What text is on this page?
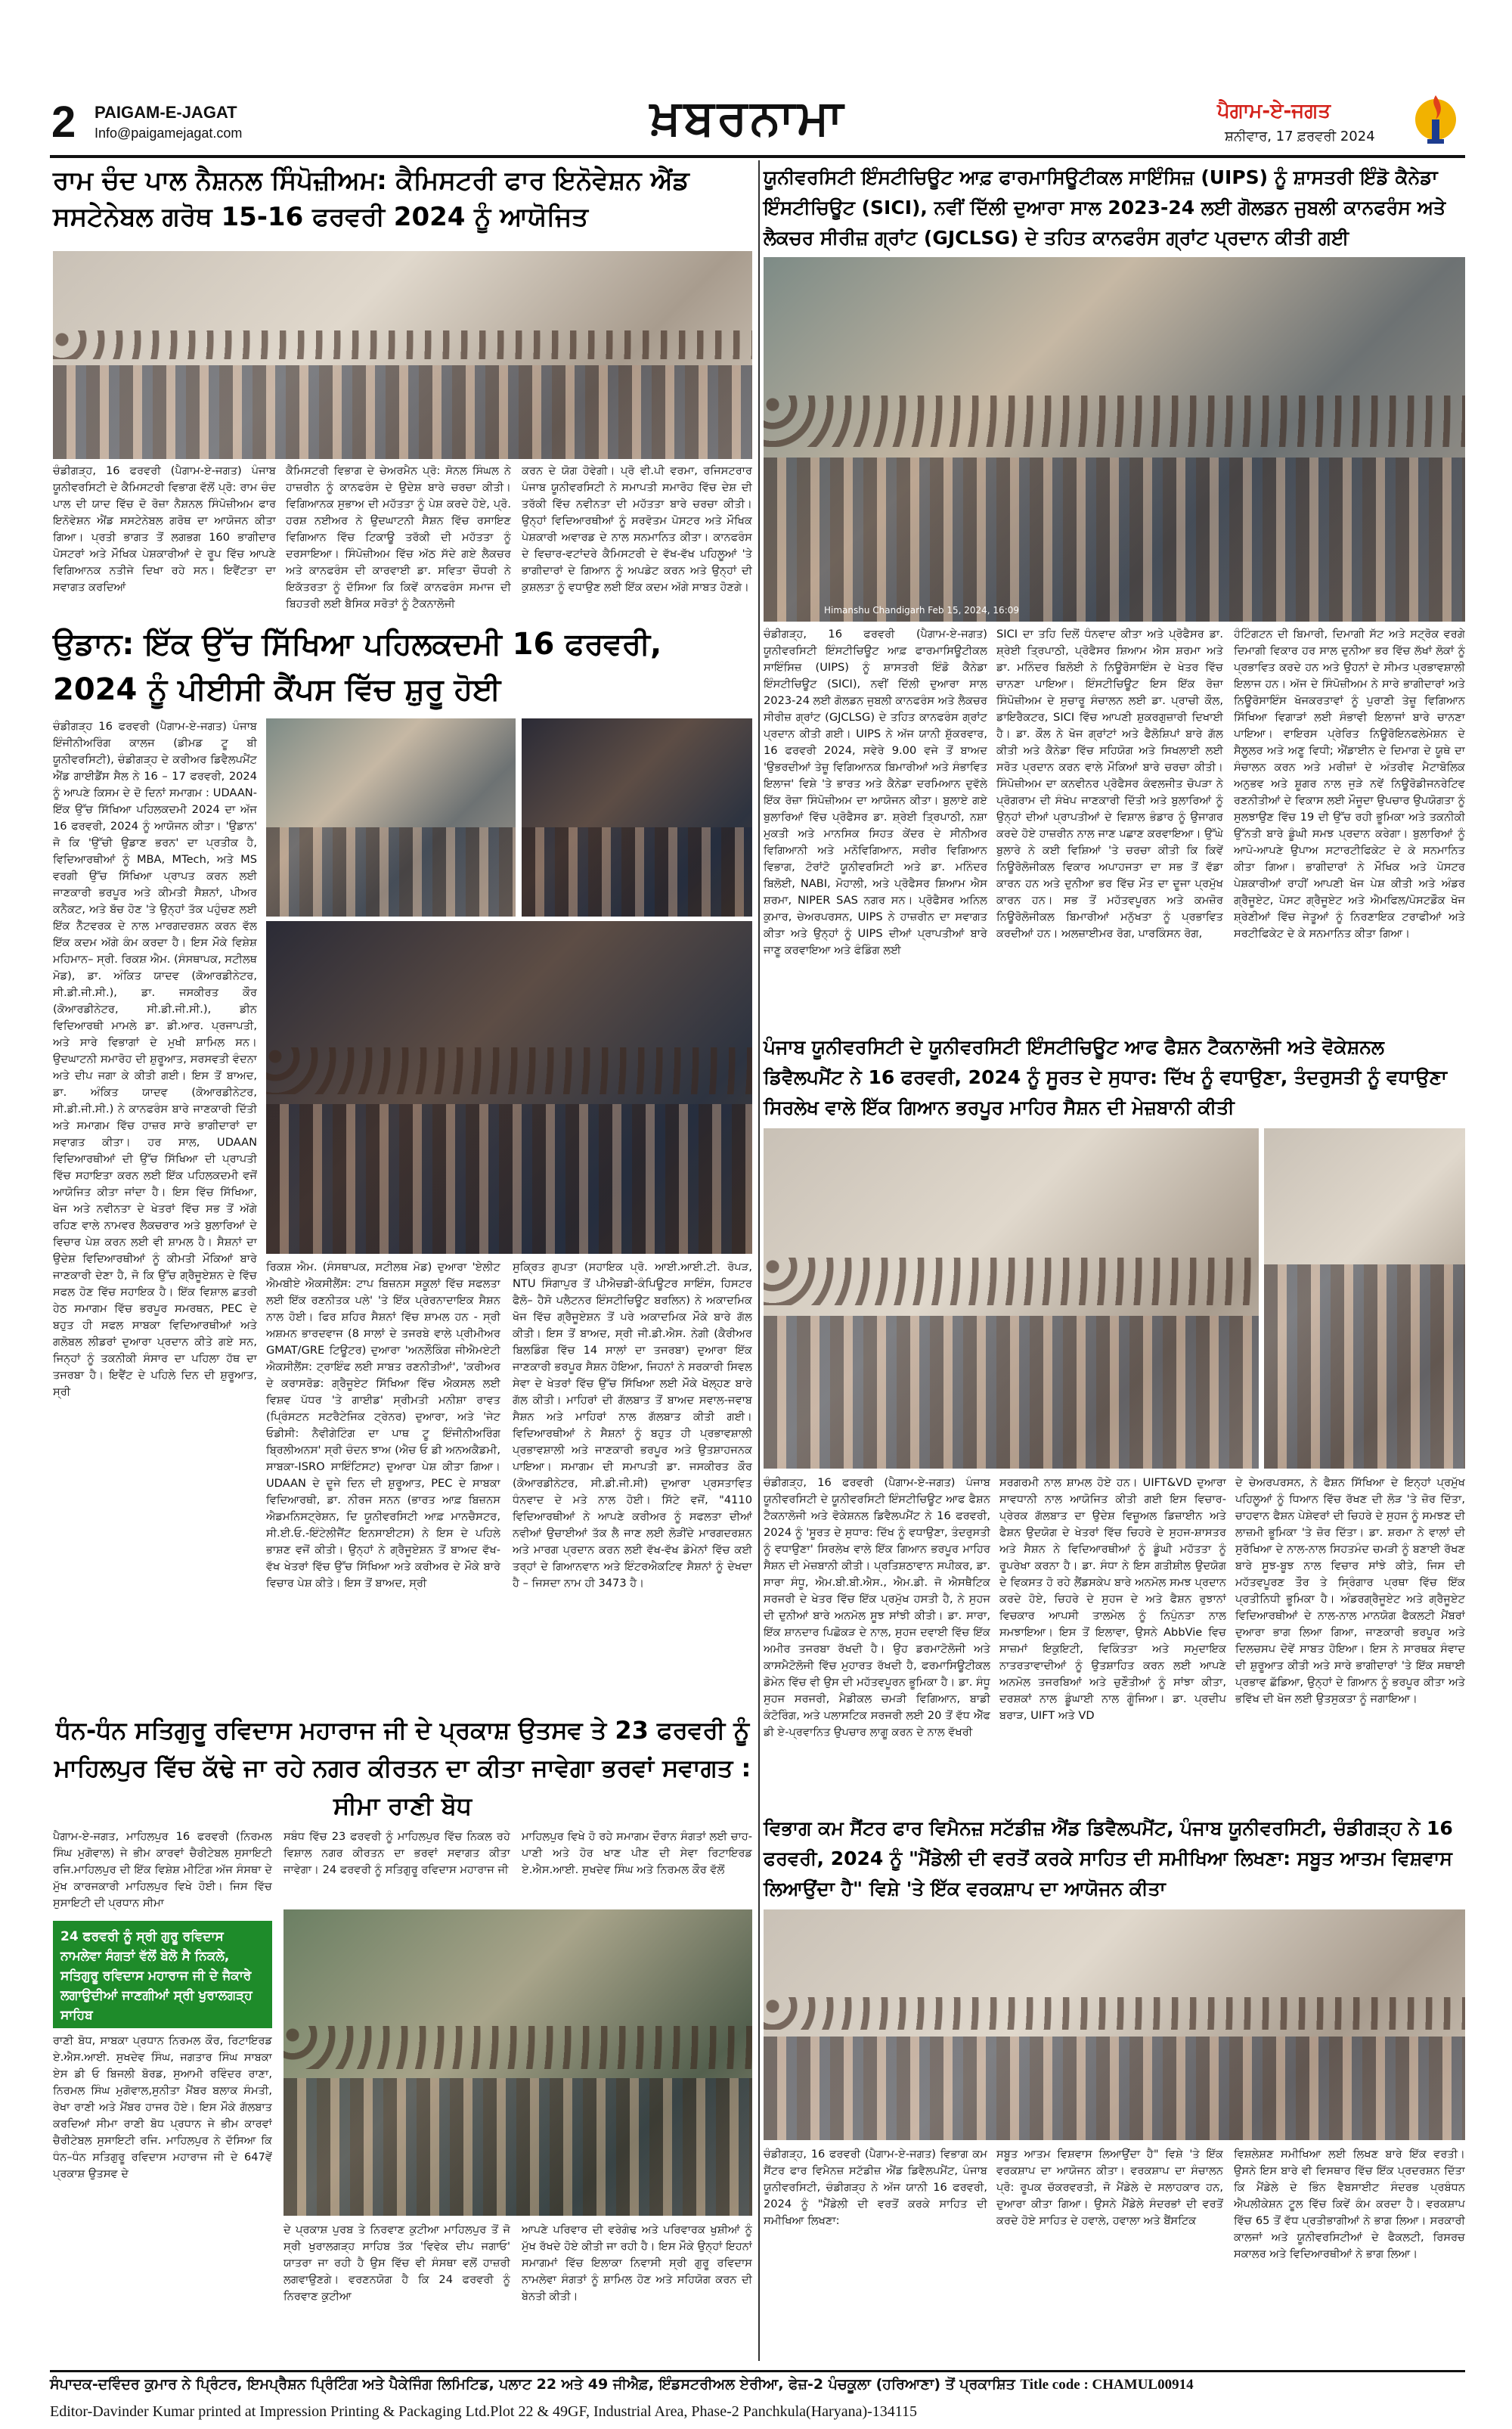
2 PAIGAM-E-JAGAT
Info@paigamejagat.com	ਖ਼ਬਰਨਾਮਾ	ਪੈਗਾਮ-ਏ-ਜਗਤ
ਸ਼ਨੀਵਾਰ, 17 ਫ਼ਰਵਰੀ 2024
ਰਾਮ ਚੰਦ ਪਾਲ ਨੈਸ਼ਨਲ ਸਿੰਪੋਜ਼ੀਅਮ: ਕੈਮਿਸਟਰੀ ਫਾਰ ਇਨੋਵੇਸ਼ਨ ਐਂਡ ਸਸਟੇਨੇਬਲ ਗਰੋਥ 15-16 ਫਰਵਰੀ 2024 ਨੂੰ ਆਯੋਜਿਤ
ਚੰਡੀਗੜ੍ਹ, 16 ਫਰਵਰੀ (ਪੈਗਾਮ-ਏ-ਜਗਤ) ਪੰਜਾਬ ਯੂਨੀਵਰਸਿਟੀ ਦੇ ਕੈਮਿਸਟਰੀ ਵਿਭਾਗ ਵੱਲੋਂ ਪ੍ਰੋ: ਰਾਮ ਚੰਦ ਪਾਲ ਦੀ ਯਾਦ ਵਿੱਚ ਦੋ ਰੋਜ਼ਾ ਨੈਸ਼ਨਲ ਸਿੰਪੋਜ਼ੀਅਮ ਫਾਰ ਇਨੋਵੇਸ਼ਨ ਐਂਡ ਸਸਟੇਨੇਬਲ ਗਰੋਥ ਦਾ ਆਯੋਜਨ ਕੀਤਾ ਗਿਆ। ਪ੍ਰਤੀ ਭਾਗਤ ਤੋਂ ਲਗਭਗ 160 ਭਾਗੀਦਾਰ ਪੋਸਟਰਾਂ ਅਤੇ ਮੌਖਿਕ ਪੇਸ਼ਕਾਰੀਆਂ ਦੇ ਰੂਪ ਵਿੱਚ ਆਪਣੇ ਵਿਗਿਆਨਕ ਨਤੀਜੇ ਦਿਖਾ ਰਹੇ ਸਨ। ਇਵੈਂਟਤਾ ਦਾ ਸਵਾਗਤ ਕਰਦਿਆਂ
ਕੈਮਿਸਟਰੀ ਵਿਭਾਗ ਦੇ ਚੇਅਰਮੈਨ ਪ੍ਰੋ: ਸੋਨਲ ਸਿੰਘਲ ਨੇ ਹਾਜ਼ਰੀਨ ਨੂੰ ਕਾਨਫਰੰਸ ਦੇ ਉਦੇਸ਼ ਬਾਰੇ ਚਰਚਾ ਕੀਤੀ। ਵਿਗਿਆਨਕ ਸੁਭਾਅ ਦੀ ਮਹੱਤਤਾ ਨੂੰ ਪੇਸ਼ ਕਰਦੇ ਹੋਏ, ਪ੍ਰੋ. ਹਰਸ਼ ਨਈਅਰ ਨੇ ਉਦਘਾਟਨੀ ਸੈਸ਼ਨ ਵਿੱਚ ਰਸਾਇਣ ਵਿਗਿਆਨ ਵਿੱਚ ਟਿਕਾਊ ਤਰੱਕੀ ਦੀ ਮਹੱਤਤਾ ਨੂੰ ਦਰਸਾਇਆ। ਸਿੰਪੋਜ਼ੀਅਮ ਵਿੱਚ ਅੱਠ ਸੱਦੇ ਗਏ ਲੈਕਚਰ ਅਤੇ ਕਾਨਫਰੰਸ ਦੀ ਕਾਰਵਾਈ ਡਾ. ਸਵਿਤਾ ਚੌਧਰੀ ਨੇ ਇਕੱਤਰਤਾ ਨੂੰ ਦੱਸਿਆ ਕਿ ਕਿਵੇਂ ਕਾਨਫਰੰਸ ਸਮਾਜ ਦੀ ਬਿਹਤਰੀ ਲਈ ਬੈਸਿਕ ਸਰੋਤਾਂ ਨੂੰ ਟੈਕਨਾਲੋਜੀ
ਕਰਨ ਦੇ ਯੋਗ ਹੋਵੇਗੀ। ਪ੍ਰੋ ਵੀ.ਪੀ ਵਰਮਾ, ਰਜਿਸਟਰਾਰ ਪੰਜਾਬ ਯੂਨੀਵਰਸਿਟੀ ਨੇ ਸਮਾਪਤੀ ਸਮਾਰੋਹ ਵਿੱਚ ਦੇਸ਼ ਦੀ ਤਰੱਕੀ ਵਿੱਚ ਨਵੀਨਤਾ ਦੀ ਮਹੱਤਤਾ ਬਾਰੇ ਚਰਚਾ ਕੀਤੀ। ਉਨ੍ਹਾਂ ਵਿਦਿਆਰਥੀਆਂ ਨੂੰ ਸਰਵੋਤਮ ਪੋਸਟਰ ਅਤੇ ਮੌਖਿਕ ਪੇਸ਼ਕਾਰੀ ਅਵਾਰਡ ਦੇ ਨਾਲ ਸਨਮਾਨਿਤ ਕੀਤਾ। ਕਾਨਫਰੰਸ ਦੇ ਵਿਚਾਰ-ਵਟਾਂਦਰੇ ਕੈਮਿਸਟਰੀ ਦੇ ਵੱਖ-ਵੱਖ ਪਹਿਲੂਆਂ 'ਤੇ ਭਾਗੀਦਾਰਾਂ ਦੇ ਗਿਆਨ ਨੂੰ ਅਪਡੇਟ ਕਰਨ ਅਤੇ ਉਨ੍ਹਾਂ ਦੀ ਕੁਸ਼ਲਤਾ ਨੂੰ ਵਧਾਉਣ ਲਈ ਇੱਕ ਕਦਮ ਅੱਗੇ ਸਾਬਤ ਹੋਣਗੇ।
ਉਡਾਨ: ਇੱਕ ਉੱਚ ਸਿੱਖਿਆ ਪਹਿਲਕਦਮੀ 16 ਫਰਵਰੀ, 2024 ਨੂੰ ਪੀਈਸੀ ਕੈਂਪਸ ਵਿੱਚ ਸ਼ੁਰੂ ਹੋਈ
ਚੰਡੀਗੜ੍ਹ 16 ਫਰਵਰੀ (ਪੈਗਾਮ-ਏ-ਜਗਤ) ਪੰਜਾਬ ਇੰਜੀਨੀਅਰਿੰਗ ਕਾਲਜ (ਡੀਮਡ ਟੂ ਬੀ ਯੂਨੀਵਰਸਿਟੀ), ਚੰਡੀਗੜ੍ਹ ਦੇ ਕਰੀਅਰ ਡਿਵੈਲਪਮੈਂਟ ਐਂਡ ਗਾਈਡੈਂਸ ਸੈਲ ਨੇ 16 – 17 ਫਰਵਰੀ, 2024 ਨੂੰ ਆਪਣੇ ਕਿਸਮ ਦੇ ਦੋ ਦਿਨਾਂ ਸਮਾਗਮ : UDAAN- ਇੱਕ ਉੱਚ ਸਿੱਖਿਆ ਪਹਿਲਕਦਮੀ 2024 ਦਾ ਅੱਜ 16 ਫਰਵਰੀ, 2024 ਨੂੰ ਆਯੋਜਨ ਕੀਤਾ। 'ਉਡਾਨ' ਜੋ ਕਿ 'ਉੱਚੀ ਉਡਾਣ ਭਰਨ' ਦਾ ਪ੍ਰਤੀਕ ਹੈ, ਵਿਦਿਆਰਥੀਆਂ ਨੂੰ MBA, MTech, ਅਤੇ MS ਵਰਗੀ ਉੱਚ ਸਿੱਖਿਆ ਪ੍ਰਾਪਤ ਕਰਨ ਲਈ ਜਾਣਕਾਰੀ ਭਰਪੂਰ ਅਤੇ ਕੀਮਤੀ ਸੈਸ਼ਨਾਂ, ਪੀਅਰ ਕਨੈਕਟ, ਅਤੇ ਬੱਚ ਹੋਣ 'ਤੇ ਉਨ੍ਹਾਂ ਤੱਕ ਪਹੁੰਚਣ ਲਈ ਇੱਕ ਨੈੱਟਵਰਕ ਦੇ ਨਾਲ ਮਾਰਗਦਰਸ਼ਨ ਕਰਨ ਵੱਲ ਇੱਕ ਕਦਮ ਅੱਗੇ ਕੰਮ ਕਰਦਾ ਹੈ। ਇਸ ਮੌਕੇ ਵਿਸ਼ੇਸ਼ ਮਹਿਮਾਨ– ਸ੍ਰੀ. ਰਿਕਸ਼ ਐਮ. (ਸੰਸਥਾਪਕ, ਸਟੀਲਥ ਮੋਡ), ਡਾ. ਅੰਕਿਤ ਯਾਦਵ (ਕੋਆਰਡੀਨੇਟਰ, ਸੀ.ਡੀ.ਜੀ.ਸੀ.), ਡਾ. ਜਸਕੀਰਤ ਕੌਰ (ਕੋਆਰਡੀਨੇਟਰ, ਸੀ.ਡੀ.ਜੀ.ਸੀ.), ਡੀਨ ਵਿਦਿਆਰਥੀ ਮਾਮਲੇ ਡਾ. ਡੀ.ਆਰ. ਪ੍ਰਜਾਪਤੀ, ਅਤੇ ਸਾਰੇ ਵਿਭਾਗਾਂ ਦੇ ਮੁਖੀ ਸ਼ਾਮਿਲ ਸਨ। ਉਦਘਾਟਨੀ ਸਮਾਰੋਹ ਦੀ ਸ਼ੁਰੂਆਤ, ਸਰਸਵਤੀ ਵੰਦਨਾ ਅਤੇ ਦੀਪ ਜਗਾ ਕੇ ਕੀਤੀ ਗਈ। ਇਸ ਤੋਂ ਬਾਅਦ, ਡਾ. ਅੰਕਿਤ ਯਾਦਵ (ਕੋਆਰਡੀਨੇਟਰ, ਸੀ.ਡੀ.ਜੀ.ਸੀ.) ਨੇ ਕਾਨਫਰੰਸ ਬਾਰੇ ਜਾਣਕਾਰੀ ਦਿੱਤੀ ਅਤੇ ਸਮਾਗਮ ਵਿੱਚ ਹਾਜ਼ਰ ਸਾਰੇ ਭਾਗੀਦਾਰਾਂ ਦਾ ਸਵਾਗਤ ਕੀਤਾ। ਹਰ ਸਾਲ, UDAAN ਵਿਦਿਆਰਥੀਆਂ ਦੀ ਉੱਚ ਸਿੱਖਿਆ ਦੀ ਪ੍ਰਾਪਤੀ ਵਿੱਚ ਸਹਾਇਤਾ ਕਰਨ ਲਈ ਇੱਕ ਪਹਿਲਕਦਮੀ ਵਜੋਂ ਆਯੋਜਿਤ ਕੀਤਾ ਜਾਂਦਾ ਹੈ। ਇਸ ਵਿੱਚ ਸਿੱਖਿਆ, ਖੋਜ ਅਤੇ ਨਵੀਨਤਾ ਦੇ ਖੇਤਰਾਂ ਵਿੱਚ ਸਭ ਤੋਂ ਅੱਗੇ ਰਹਿਣ ਵਾਲੇ ਨਾਮਵਰ ਲੈਕਚਰਾਰ ਅਤੇ ਬੁਲਾਰਿਆਂ ਦੇ ਵਿਚਾਰ ਪੇਸ਼ ਕਰਨ ਲਈ ਵੀ ਸ਼ਾਮਲ ਹੈ। ਸੈਸ਼ਨਾਂ ਦਾ ਉਦੇਸ਼ ਵਿਦਿਆਰਥੀਆਂ ਨੂੰ ਕੀਮਤੀ ਮੌਕਿਆਂ ਬਾਰੇ ਜਾਣਕਾਰੀ ਦੇਣਾ ਹੈ, ਜੋ ਕਿ ਉੱਚ ਗ੍ਰੈਜੂਏਸ਼ਨ ਦੇ ਵਿੱਚ ਸਫਲ ਹੋਣ ਵਿੱਚ ਸਹਾਇਕ ਹੈ। ਇੱਕ ਵਿਸ਼ਾਲ ਛਤਰੀ ਹੇਠ ਸਮਾਗਮ ਵਿੱਚ ਭਰਪੂਰ ਸਮਰਥਨ, PEC ਦੇ ਬਹੁਤ ਹੀ ਸਫਲ ਸਾਬਕਾ ਵਿਦਿਆਰਥੀਆਂ ਅਤੇ ਗਲੋਬਲ ਲੀਡਰਾਂ ਦੁਆਰਾ ਪ੍ਰਦਾਨ ਕੀਤੇ ਗਏ ਸਨ, ਜਿਨ੍ਹਾਂ ਨੂੰ ਤਕਨੀਕੀ ਸੰਸਾਰ ਦਾ ਪਹਿਲਾ ਹੱਥ ਦਾ ਤਜਰਬਾ ਹੈ। ਇਵੈਂਟ ਦੇ ਪਹਿਲੇ ਦਿਨ ਦੀ ਸ਼ੁਰੂਆਤ, ਸ੍ਰੀ
ਰਿਕਸ਼ ਐਮ. (ਸੰਸਥਾਪਕ, ਸਟੀਲਥ ਮੋਡ) ਦੁਆਰਾ 'ਏਲੀਟ ਐਮਬੀਏ ਐਕਸੀਲੈਂਸ: ਟਾਪ ਬਿਜ਼ਨਸ ਸਕੂਲਾਂ ਵਿੱਚ ਸਫਲਤਾ ਲਈ ਇੱਕ ਰਣਨੀਤਕ ਪਲੇ' 'ਤੇ ਇੱਕ ਪ੍ਰੇਰਨਾਦਾਇਕ ਸੈਸ਼ਨ ਨਾਲ ਹੋਈ। ਫਿਰ ਸ਼ਹਿਰ ਸੈਸ਼ਨਾਂ ਵਿੱਚ ਸ਼ਾਮਲ ਹਨ - ਸ੍ਰੀ ਅਸ਼ਮਨ ਭਾਰਦਵਾਜ (8 ਸਾਲਾਂ ਦੇ ਤਜਰਬੇ ਵਾਲੇ ਪ੍ਰੀਮੀਅਰ GMAT/GRE ਟਿਊਟਰ) ਦੁਆਰਾ 'ਅਨਲੌਕਿੰਗ ਜੀਐਮਏਟੀ ਐਕਸੀਲੈਂਸ: ਟ੍ਰਾਇੰਫ ਲਈ ਸਾਬਤ ਰਣਨੀਤੀਆਂ', 'ਕਰੀਅਰ ਦੇ ਕਰਾਸਰੋਡ: ਗ੍ਰੈਜੂਏਟ ਸਿੱਖਿਆ ਵਿੱਚ ਐਕਸਲ ਲਈ ਵਿਸ਼ਵ ਪੱਧਰ 'ਤੇ ਗਾਈਡ' ਸ੍ਰੀਮਤੀ ਮਨੀਸ਼ਾ ਰਾਵਤ (ਪ੍ਰਿੰਸਟਨ ਸਟਰੈਟੇਜਿਕ ਟ੍ਰੇਨਰ) ਦੁਆਰਾ, ਅਤੇ 'ਜੇਟ ਓਡੀਸੀ: ਨੈਵੀਗੇਟਿੰਗ ਦਾ ਪਾਥ ਟੂ ਇੰਜੀਨੀਅਰਿੰਗ ਬ੍ਰਿਲੀਅਨਸ' ਸ੍ਰੀ ਚੰਦਨ ਝਾਅ (ਐਚ ਓ ਡੀ ਅਨਅਕੈਡਮੀ, ਸਾਬਕਾ-ISRO ਸਾਇੰਟਿਸਟ) ਦੁਆਰਾ ਪੇਸ਼ ਕੀਤਾ ਗਿਆ। UDAAN ਦੇ ਦੂਜੇ ਦਿਨ ਦੀ ਸ਼ੁਰੂਆਤ, PEC ਦੇ ਸਾਬਕਾ ਵਿਦਿਆਰਥੀ, ਡਾ. ਨੀਰਜ ਸਨਨ (ਭਾਰਤ ਆਫ਼ ਬਿਜ਼ਨਸ ਐਡਮਨਿਸਟ੍ਰੇਸ਼ਨ, ਦਿ ਯੂਨੀਵਰਸਿਟੀ ਆਫ਼ ਮਾਨਚੈਸਟਰ, ਸੀ.ਈ.ਓ.-ਇੰਟੇਲੀਜੈਂਟ ਇਨਸਾਈਟਸ) ਨੇ ਇਸ ਦੇ ਪਹਿਲੇ ਭਾਸ਼ਣ ਵਜੋਂ ਕੀਤੀ। ਉਨ੍ਹਾਂ ਨੇ ਗ੍ਰੈਜੂਏਸ਼ਨ ਤੋਂ ਬਾਅਦ ਵੱਖ-ਵੱਖ ਖੇਤਰਾਂ ਵਿੱਚ ਉੱਚ ਸਿੱਖਿਆ ਅਤੇ ਕਰੀਅਰ ਦੇ ਮੌਕੇ ਬਾਰੇ ਵਿਚਾਰ ਪੇਸ਼ ਕੀਤੇ। ਇਸ ਤੋਂ ਬਾਅਦ, ਸ੍ਰੀ
ਸੁਕ੍ਰਿਤ ਗੁਪਤਾ (ਸਹਾਇਕ ਪ੍ਰੋ. ਆਈ.ਆਈ.ਟੀ. ਰੋਪੜ, NTU ਸਿੰਗਾਪੁਰ ਤੋਂ ਪੀਐਚਡੀ-ਕੰਪਿਊਟਰ ਸਾਇੰਸ, ਹਿਸਟਰ ਫੈਲੋ– ਹੈਸੋ ਪਲੈਟਨਰ ਇੰਸਟੀਚਿਊਟ ਬਰਲਿਨ) ਨੇ ਅਕਾਦਮਿਕ ਖੋਜ ਵਿੱਚ ਗ੍ਰੈਜੂਏਸ਼ਨ ਤੋਂ ਪਰੇ ਅਕਾਦਮਿਕ ਮੌਕੇ ਬਾਰੇ ਗੱਲ ਕੀਤੀ। ਇਸ ਤੋਂ ਬਾਅਦ, ਸ੍ਰੀ ਜੀ.ਡੀ.ਐਸ. ਨੇਗੀ (ਕੈਰੀਅਰ ਬਿਲਡਿੰਗ ਵਿੱਚ 14 ਸਾਲਾਂ ਦਾ ਤਜਰਬਾ) ਦੁਆਰਾ ਇੱਕ ਜਾਣਕਾਰੀ ਭਰਪੂਰ ਸੈਸ਼ਨ ਹੋਇਆ, ਜਿਹਨਾਂ ਨੇ ਸਰਕਾਰੀ ਸਿਵਲ ਸੇਵਾ ਦੇ ਖੇਤਰਾਂ ਵਿੱਚ ਉੱਚ ਸਿੱਖਿਆ ਲਈ ਮੌਕੇ ਖੋਲ੍ਹਣ ਬਾਰੇ ਗੱਲ ਕੀਤੀ। ਮਾਹਿਰਾਂ ਦੀ ਗੱਲਬਾਤ ਤੋਂ ਬਾਅਦ ਸਵਾਲ-ਜਵਾਬ ਸੈਸ਼ਨ ਅਤੇ ਮਾਹਿਰਾਂ ਨਾਲ ਗੱਲਬਾਤ ਕੀਤੀ ਗਈ। ਵਿਦਿਆਰਥੀਆਂ ਨੇ ਸੈਸ਼ਨਾਂ ਨੂੰ ਬਹੁਤ ਹੀ ਪ੍ਰਭਾਵਸ਼ਾਲੀ ਪ੍ਰਭਾਵਸ਼ਾਲੀ ਅਤੇ ਜਾਣਕਾਰੀ ਭਰਪੂਰ ਅਤੇ ਉਤਸ਼ਾਹਜਨਕ ਪਾਇਆ। ਸਮਾਗਮ ਦੀ ਸਮਾਪਤੀ ਡਾ. ਜਸਕੀਰਤ ਕੌਰ (ਕੋਆਰਡੀਨੇਟਰ, ਸੀ.ਡੀ.ਜੀ.ਸੀ) ਦੁਆਰਾ ਪ੍ਰਸਤਾਵਿਤ ਧੰਨਵਾਦ ਦੇ ਮਤੇ ਨਾਲ ਹੋਈ। ਸਿੱਟੇ ਵਜੋਂ, "4110 ਵਿਦਿਆਰਥੀਆਂ ਨੇ ਆਪਣੇ ਕਰੀਅਰ ਨੂੰ ਸਫਲਤਾ ਦੀਆਂ ਨਵੀਆਂ ਉਚਾਈਆਂ ਤੱਕ ਲੈ ਜਾਣ ਲਈ ਲੋੜੀਂਦੇ ਮਾਰਗਦਰਸ਼ਨ ਅਤੇ ਮਾਰਗ ਪ੍ਰਦਾਨ ਕਰਨ ਲਈ ਵੱਖ-ਵੱਖ ਡੋਮੇਨਾਂ ਵਿੱਚ ਕਈ ਤਰ੍ਹਾਂ ਦੇ ਗਿਆਨਵਾਨ ਅਤੇ ਇੰਟਰਐਕਟਿਵ ਸੈਸ਼ਨਾਂ ਨੂੰ ਦੇਖਦਾ ਹੈ – ਜਿਸਦਾ ਨਾਮ ਹੀ 3473 ਹੈ।
ਧੰਨ-ਧੰਨ ਸਤਿਗੁਰੂ ਰਵਿਦਾਸ ਮਹਾਰਾਜ ਜੀ ਦੇ ਪ੍ਰਕਾਸ਼ ਉਤਸਵ ਤੇ 23 ਫਰਵਰੀ ਨੂੰ ਮਾਹਿਲਪੁਰ ਵਿੱਚ ਕੱਢੇ ਜਾ ਰਹੇ ਨਗਰ ਕੀਰਤਨ ਦਾ ਕੀਤਾ ਜਾਵੇਗਾ ਭਰਵਾਂ ਸਵਾਗਤ : ਸੀਮਾ ਰਾਣੀ ਬੋਧ
ਪੈਗਾਮ-ਏ-ਜਗਤ, ਮਾਹਿਲਪੁਰ 16 ਫਰਵਰੀ (ਨਿਰਮਲ ਸਿੰਘ ਮੁਗੋਵਾਲ) ਜੇ ਭੀਮ ਕਾਰਵਾਂ ਚੈਰੀਟੇਬਲ ਸੁਸਾਇਟੀ ਰਜਿ.ਮਾਹਿਲਪੁਰ ਦੀ ਇੱਕ ਵਿਸ਼ੇਸ਼ ਮੀਟਿੰਗ ਅੱਜ ਸੰਸਥਾ ਦੇ ਮੁੱਖ ਕਾਰਜਕਾਰੀ ਮਾਹਿਲਪੁਰ ਵਿਖੇ ਹੋਈ। ਜਿਸ ਵਿੱਚ ਸੁਸਾਇਟੀ ਦੀ ਪ੍ਰਧਾਨ ਸੀਮਾ
24 ਫਰਵਰੀ ਨੂੰ ਸ੍ਰੀ ਗੁਰੂ ਰਵਿਦਾਸ ਨਾਮਲੇਵਾ ਸੰਗਤਾਂ ਵੱਲੋਂ ਬੇਲੋ ਸੈ ਨਿਕਲੇ, ਸਤਿਗੁਰੂ ਰਵਿਦਾਸ ਮਹਾਰਾਜ ਜੀ ਦੇ ਜੈਕਾਰੇ ਲਗਾਉਦੀਆਂ ਜਾਣਗੀਆਂ ਸ੍ਰੀ ਖੁਰਾਲਗੜ੍ਹ ਸਾਹਿਬ
ਰਾਣੀ ਬੋਧ, ਸਾਬਕਾ ਪ੍ਰਧਾਨ ਨਿਰਮਲ ਕੌਰ, ਰਿਟਾਇਰਡ ਏ.ਐਸ.ਆਈ. ਸੁਖਦੇਵ ਸਿੰਘ, ਜਗਤਾਰ ਸਿੰਘ ਸਾਬਕਾ ਏਸ ਡੀ ਓ ਬਿਜਲੀ ਬੋਰਡ, ਸੁਆਮੀ ਰਵਿੰਦਰ ਰਾਣਾ, ਨਿਰਮਲ ਸਿੰਘ ਮੁਗੋਵਾਲ,ਸੁਨੀਤਾ ਮੈਂਬਰ ਬਲਾਕ ਸੰਮਤੀ, ਰੇਖਾ ਰਾਣੀ ਅਤੇ ਮੈਂਬਰ ਹਾਜਰ ਹੋਏ। ਇਸ ਮੌਕੇ ਗੱਲਬਾਤ ਕਰਦਿਆਂ ਸੀਮਾ ਰਾਣੀ ਬੋਧ ਪ੍ਰਧਾਨ ਜੇ ਭੀਮ ਕਾਰਵਾਂ ਚੈਰੀਟੇਬਲ ਸੁਸਾਇਟੀ ਰਜਿ. ਮਾਹਿਲਪੁਰ ਨੇ ਦੱਸਿਆ ਕਿ ਧੰਨ–ਧੰਨ ਸਤਿਗੁਰੂ ਰਵਿਦਾਸ ਮਹਾਰਾਜ ਜੀ ਦੇ 647ਵੇਂ ਪ੍ਰਕਾਸ਼ ਉਤਸਵ ਦੇ
ਸਬੰਧ ਵਿੱਚ 23 ਫਰਵਰੀ ਨੂੰ ਮਾਹਿਲਪੁਰ ਵਿੱਚ ਨਿਕਲ ਰਹੇ ਵਿਸ਼ਾਲ ਨਗਰ ਕੀਰਤਨ ਦਾ ਭਰਵਾਂ ਸਵਾਗਤ ਕੀਤਾ ਜਾਵੇਗਾ। 24 ਫਰਵਰੀ ਨੂੰ ਸਤਿਗੁਰੂ ਰਵਿਦਾਸ ਮਹਾਰਾਜ ਜੀ
ਮਾਹਿਲਪੁਰ ਵਿਖੇ ਹੋ ਰਹੇ ਸਮਾਗਮ ਦੌਰਾਨ ਸੰਗਤਾਂ ਲਈ ਚਾਹ-ਪਾਣੀ ਅਤੇ ਹੋਰ ਖਾਣ ਪੀਣ ਦੀ ਸੇਵਾ ਰਿਟਾਇਰਡ ਏ.ਐਸ.ਆਈ. ਸੁਖਦੇਵ ਸਿੰਘ ਅਤੇ ਨਿਰਮਲ ਕੌਰ ਵੱਲੋਂ
ਦੇ ਪ੍ਰਕਾਸ਼ ਪੁਰਬ ਤੇ ਨਿਰਵਾਣ ਕੁਟੀਆ ਮਾਹਿਲਪੁਰ ਤੋਂ ਜੋ ਸ੍ਰੀ ਖੁਰਾਲਗੜ੍ਹ ਸਾਹਿਬ ਤੱਕ 'ਵਿਵੇਕ ਦੀਪ ਜਗਾਓ' ਯਾਤਰਾ ਜਾ ਰਹੀ ਹੈ ਉਸ ਵਿੱਚ ਵੀ ਸੰਸਥਾ ਵਲੋਂ ਹਾਜ਼ਰੀ ਲਗਵਾਉਣਗੇ। ਵਰਣਨਯੋਗ ਹੈ ਕਿ 24 ਫਰਵਰੀ ਨੂੰ ਨਿਰਵਾਣ ਕੁਟੀਆ
ਆਪਣੇ ਪਰਿਵਾਰ ਦੀ ਵਰੇਗੰਢ ਅਤੇ ਪਰਿਵਾਰਕ ਖੁਸ਼ੀਆਂ ਨੂੰ ਮੁੱਖ ਰੱਖਦੇ ਹੋਏ ਕੀਤੀ ਜਾ ਰਹੀ ਹੈ। ਇਸ ਮੌਕੇ ਉਨ੍ਹਾਂ ਇਹਨਾਂ ਸਮਾਗਮਾਂ ਵਿੱਚ ਇਲਾਕਾ ਨਿਵਾਸੀ ਸ੍ਰੀ ਗੁਰੂ ਰਵਿਦਾਸ ਨਾਮਲੇਵਾ ਸੰਗਤਾਂ ਨੂੰ ਸ਼ਾਮਿਲ ਹੋਣ ਅਤੇ ਸਹਿਯੋਗ ਕਰਨ ਦੀ ਬੇਨਤੀ ਕੀਤੀ।
ਯੂਨੀਵਰਸਿਟੀ ਇੰਸਟੀਚਿਊਟ ਆਫ਼ ਫਾਰਮਾਸਿਊਟੀਕਲ ਸਾਇੰਸਿਜ਼ (UIPS) ਨੂੰ ਸ਼ਾਸਤਰੀ ਇੰਡੋ ਕੈਨੇਡਾ ਇੰਸਟੀਚਿਊਟ (SICI), ਨਵੀਂ ਦਿੱਲੀ ਦੁਆਰਾ ਸਾਲ 2023-24 ਲਈ ਗੋਲਡਨ ਜੁਬਲੀ ਕਾਨਫਰੰਸ ਅਤੇ ਲੈਕਚਰ ਸੀਰੀਜ਼ ਗ੍ਰਾਂਟ (GJCLSG) ਦੇ ਤਹਿਤ ਕਾਨਫਰੰਸ ਗ੍ਰਾਂਟ ਪ੍ਰਦਾਨ ਕੀਤੀ ਗਈ
Himanshu Chandigarh Feb 15, 2024, 16:09
ਚੰਡੀਗੜ੍ਹ, 16 ਫਰਵਰੀ (ਪੈਗਾਮ-ਏ-ਜਗਤ) ਯੂਨੀਵਰਸਿਟੀ ਇੰਸਟੀਚਿਊਟ ਆਫ਼ ਫਾਰਮਾਸਿਊਟੀਕਲ ਸਾਇੰਸਿਜ਼ (UIPS) ਨੂੰ ਸ਼ਾਸਤਰੀ ਇੰਡੋ ਕੈਨੇਡਾ ਇੰਸਟੀਚਿਊਟ (SICI), ਨਵੀਂ ਦਿੱਲੀ ਦੁਆਰਾ ਸਾਲ 2023-24 ਲਈ ਗੋਲਡਨ ਜੁਬਲੀ ਕਾਨਫਰੰਸ ਅਤੇ ਲੈਕਚਰ ਸੀਰੀਜ਼ ਗ੍ਰਾਂਟ (GJCLSG) ਦੇ ਤਹਿਤ ਕਾਨਫਰੰਸ ਗ੍ਰਾਂਟ ਪ੍ਰਦਾਨ ਕੀਤੀ ਗਈ। UIPS ਨੇ ਅੱਜ ਯਾਨੀ ਸ਼ੁੱਕਰਵਾਰ, 16 ਫਰਵਰੀ 2024, ਸਵੇਰੇ 9.00 ਵਜੇ ਤੋਂ ਬਾਅਦ 'ਉਭਰਦੀਆਂ ਤੇਜ਼ੂ ਵਿਗਿਆਨਕ ਬਿਮਾਰੀਆਂ ਅਤੇ ਸੰਭਾਵਿਤ ਇਲਾਜ' ਵਿਸ਼ੇ 'ਤੇ ਭਾਰਤ ਅਤੇ ਕੈਨੇਡਾ ਦਰਮਿਆਨ ਦੁਵੱਲੇ ਇੱਕ ਰੋਜ਼ਾ ਸਿੰਪੋਜ਼ੀਅਮ ਦਾ ਆਯੋਜਨ ਕੀਤਾ। ਬੁਲਾਏ ਗਏ ਬੁਲਾਰਿਆਂ ਵਿੱਚ ਪ੍ਰੋਫੈਸਰ ਡਾ. ਸ਼੍ਰੇਈ ਤ੍ਰਿਪਾਠੀ, ਨਸ਼ਾ ਮੁਕਤੀ ਅਤੇ ਮਾਨਸਿਕ ਸਿਹਤ ਕੇਂਦਰ ਦੇ ਸੀਨੀਅਰ ਵਿਗਿਆਨੀ ਅਤੇ ਮਨੋਵਿਗਿਆਨ, ਸਰੀਰ ਵਿਗਿਆਨ ਵਿਭਾਗ, ਟੋਰਾਂਟੋ ਯੂਨੀਵਰਸਿਟੀ ਅਤੇ ਡਾ. ਮਨਿੰਦਰ ਬਿਲੋਈ, NABI, ਮੋਹਾਲੀ, ਅਤੇ ਪ੍ਰੋਫੈਸਰ ਸ਼ਿਆਮ ਐਸ ਸ਼ਰਮਾ, NIPER SAS ਨਗਰ ਸਨ। ਪ੍ਰੋਫੈਸਰ ਅਨਿਲ ਕੁਮਾਰ, ਚੇਅਰਪਰਸਨ, UIPS ਨੇ ਹਾਜ਼ਰੀਨ ਦਾ ਸਵਾਗਤ ਕੀਤਾ ਅਤੇ ਉਨ੍ਹਾਂ ਨੂੰ UIPS ਦੀਆਂ ਪ੍ਰਾਪਤੀਆਂ ਬਾਰੇ ਜਾਣੂ ਕਰਵਾਇਆ ਅਤੇ ਫੰਡਿੰਗ ਲਈ
SICI ਦਾ ਤਹਿ ਦਿਲੋਂ ਧੰਨਵਾਦ ਕੀਤਾ ਅਤੇ ਪ੍ਰੋਫੈਸਰ ਡਾ. ਸ਼੍ਰੇਈ ਤ੍ਰਿਪਾਠੀ, ਪ੍ਰੋਫੈਸਰ ਸ਼ਿਆਮ ਐਸ ਸ਼ਰਮਾ ਅਤੇ ਡਾ. ਮਨਿੰਦਰ ਬਿਲੋਈ ਨੇ ਨਿਊਰੋਸਾਇੰਸ ਦੇ ਖੇਤਰ ਵਿੱਚ ਚਾਨਣਾ ਪਾਇਆ। ਇੰਸਟੀਚਿਊਟ ਇਸ ਇੱਕ ਰੋਜ਼ਾ ਸਿੰਪੋਜ਼ੀਅਮ ਦੇ ਸੁਚਾਰੂ ਸੰਚਾਲਨ ਲਈ ਡਾ. ਪ੍ਰਾਚੀ ਕੌਲ, ਡਾਇਰੈਕਟਰ, SICI ਵਿੱਚ ਆਪਣੀ ਸ਼ੁਕਰਗੁਜ਼ਾਰੀ ਦਿਖਾਈ ਹੈ। ਡਾ. ਕੌਲ ਨੇ ਖੋਜ ਗ੍ਰਾਂਟਾਂ ਅਤੇ ਫੈਲੋਸ਼ਿਪਾਂ ਬਾਰੇ ਗੱਲ ਕੀਤੀ ਅਤੇ ਕੈਨੇਡਾ ਵਿੱਚ ਸਹਿਯੋਗ ਅਤੇ ਸਿਖਲਾਈ ਲਈ ਸਰੋਤ ਪ੍ਰਦਾਨ ਕਰਨ ਵਾਲੇ ਮੌਕਿਆਂ ਬਾਰੇ ਚਰਚਾ ਕੀਤੀ। ਸਿੰਪੋਜ਼ੀਅਮ ਦਾ ਕਨਵੀਨਰ ਪ੍ਰੋਫੈਸਰ ਕੰਵਲਜੀਤ ਚੋਪੜਾ ਨੇ ਪ੍ਰੋਗਰਾਮ ਦੀ ਸੰਖੇਪ ਜਾਣਕਾਰੀ ਦਿੱਤੀ ਅਤੇ ਬੁਲਾਰਿਆਂ ਨੂੰ ਉਨ੍ਹਾਂ ਦੀਆਂ ਪ੍ਰਾਪਤੀਆਂ ਦੇ ਵਿਸ਼ਾਲ ਭੰਡਾਰ ਨੂੰ ਉਜਾਗਰ ਕਰਦੇ ਹੋਏ ਹਾਜ਼ਰੀਨ ਨਾਲ ਜਾਣ ਪਛਾਣ ਕਰਵਾਇਆ। ਉੱਘੇ ਬੁਲਾਰੇ ਨੇ ਕਈ ਵਿਸ਼ਿਆਂ 'ਤੇ ਚਰਚਾ ਕੀਤੀ ਕਿ ਕਿਵੇਂ ਨਿਊਰੋਲੋਜੀਕਲ ਵਿਕਾਰ ਅਪਾਹਜਤਾ ਦਾ ਸਭ ਤੋਂ ਵੱਡਾ ਕਾਰਨ ਹਨ ਅਤੇ ਦੁਨੀਆ ਭਰ ਵਿੱਚ ਮੌਤ ਦਾ ਦੂਜਾ ਪ੍ਰਮੁੱਖ ਕਾਰਨ ਹਨ। ਸਭ ਤੋਂ ਮਹੱਤਵਪੂਰਨ ਅਤੇ ਕਮਜ਼ੋਰ ਨਿਊਰੋਲੋਜੀਕਲ ਬਿਮਾਰੀਆਂ ਮਨੁੱਖਤਾ ਨੂੰ ਪ੍ਰਭਾਵਿਤ ਕਰਦੀਆਂ ਹਨ। ਅਲਜ਼ਾਈਮਰ ਰੋਗ, ਪਾਰਕਿੰਸਨ ਰੋਗ,
ਹੰਟਿੰਗਟਨ ਦੀ ਬਿਮਾਰੀ, ਦਿਮਾਗੀ ਸੱਟ ਅਤੇ ਸਟ੍ਰੋਕ ਵਰਗੇ ਦਿਮਾਗੀ ਵਿਕਾਰ ਹਰ ਸਾਲ ਦੁਨੀਆ ਭਰ ਵਿੱਚ ਲੱਖਾਂ ਲੋਕਾਂ ਨੂੰ ਪ੍ਰਭਾਵਿਤ ਕਰਦੇ ਹਨ ਅਤੇ ਉਹਨਾਂ ਦੇ ਸੀਮਤ ਪ੍ਰਭਾਵਸ਼ਾਲੀ ਇਲਾਜ ਹਨ। ਅੱਜ ਦੇ ਸਿੰਪੋਜ਼ੀਅਮ ਨੇ ਸਾਰੇ ਭਾਗੀਦਾਰਾਂ ਅਤੇ ਨਿਊਰੋਸਾਇੰਸ ਖੋਜਕਰਤਾਵਾਂ ਨੂੰ ਪੁਰਾਣੀ ਤੇਜ਼ੂ ਵਿਗਿਆਨ ਸਿੱਖਿਆ ਵਿਗਾੜਾਂ ਲਈ ਸੰਭਾਵੀ ਇਲਾਜਾਂ ਬਾਰੇ ਚਾਨਣਾ ਪਾਇਆ। ਵਾਇਰਸ ਪ੍ਰੇਰਿਤ ਨਿਊਰੋਇਨਫਲੇਮੇਸ਼ਨ ਦੇ ਸੈਲੂਲਰ ਅਤੇ ਅਣੂ ਵਿਧੀ; ਐਂਡਾਈਨ ਦੇ ਦਿਮਾਗ ਦੇ ਯੂਥੇ ਦਾ ਸੰਚਾਲਨ ਕਰਨ ਅਤੇ ਮਰੀਜ਼ਾਂ ਦੇ ਅੰਤਰੀਵ ਮੈਟਾਬੋਲਿਕ ਅਨੁਭਵ ਅਤੇ ਸ਼ੂਗਰ ਨਾਲ ਜੁੜੇ ਨਵੇਂ ਨਿਊਰੋਡੀਜਨਰੇਟਿਵ ਰਣਨੀਤੀਆਂ ਦੇ ਵਿਕਾਸ ਲਈ ਮੌਜੂਦਾ ਉਪਚਾਰ ਉਪਯੋਗਤਾ ਨੂੰ ਸੁਲਝਾਉਣ ਵਿੱਚ 19 ਦੀ ਉੱਚ ਰਹੀ ਭੂਮਿਕਾ ਅਤੇ ਤਕਨੀਕੀ ਉੱਨਤੀ ਬਾਰੇ ਡੂੰਘੀ ਸਮਝ ਪ੍ਰਦਾਨ ਕਰੇਗਾ। ਬੁਲਾਰਿਆਂ ਨੂੰ ਆਪੋ-ਆਪਣੇ ਉਪਾਅ ਸਟਾਰਟੀਫਿਕੇਟ ਦੇ ਕੇ ਸਨਮਾਨਿਤ ਕੀਤਾ ਗਿਆ। ਭਾਗੀਦਾਰਾਂ ਨੇ ਮੌਖਿਕ ਅਤੇ ਪੋਸਟਰ ਪੇਸ਼ਕਾਰੀਆਂ ਰਾਹੀਂ ਆਪਣੀ ਖੋਜ ਪੇਸ਼ ਕੀਤੀ ਅਤੇ ਅੰਡਰ ਗ੍ਰੈਜੂਏਟ, ਪੋਸਟ ਗ੍ਰੈਜੂਏਟ ਅਤੇ ਐਮਫਿਲ/ਪੋਸਟਡੌਕ ਖੋਜ ਸ਼੍ਰੇਣੀਆਂ ਵਿੱਚ ਜੇਤੂਆਂ ਨੂੰ ਨਿਰਣਾਇਕ ਟਰਾਫੀਆਂ ਅਤੇ ਸਰਟੀਫਿਕੇਟ ਦੇ ਕੇ ਸਨਮਾਨਿਤ ਕੀਤਾ ਗਿਆ।
ਪੰਜਾਬ ਯੂਨੀਵਰਸਿਟੀ ਦੇ ਯੂਨੀਵਰਸਿਟੀ ਇੰਸਟੀਚਿਊਟ ਆਫ ਫੈਸ਼ਨ ਟੈਕਨਾਲੋਜੀ ਅਤੇ ਵੋਕੇਸ਼ਨਲ ਡਿਵੈਲਪਮੈਂਟ ਨੇ 16 ਫਰਵਰੀ, 2024 ਨੂੰ ਸੂਰਤ ਦੇ ਸੁਧਾਰ: ਦਿੱਖ ਨੂੰ ਵਧਾਉਣਾ, ਤੰਦਰੁਸਤੀ ਨੂੰ ਵਧਾਉਣਾ ਸਿਰਲੇਖ ਵਾਲੇ ਇੱਕ ਗਿਆਨ ਭਰਪੂਰ ਮਾਹਿਰ ਸੈਸ਼ਨ ਦੀ ਮੇਜ਼ਬਾਨੀ ਕੀਤੀ
ਚੰਡੀਗੜ੍ਹ, 16 ਫਰਵਰੀ (ਪੈਗਾਮ-ਏ-ਜਗਤ) ਪੰਜਾਬ ਯੂਨੀਵਰਸਿਟੀ ਦੇ ਯੂਨੀਵਰਸਿਟੀ ਇੰਸਟੀਚਿਊਟ ਆਫ ਫੈਸ਼ਨ ਟੈਕਨਾਲੋਜੀ ਅਤੇ ਵੋਕੇਸ਼ਨਲ ਡਿਵੈਲਪਮੈਂਟ ਨੇ 16 ਫਰਵਰੀ, 2024 ਨੂੰ 'ਸੂਰਤ ਦੇ ਸੁਧਾਰ: ਦਿੱਖ ਨੂੰ ਵਧਾਉਣਾ, ਤੰਦਰੁਸਤੀ ਨੂੰ ਵਧਾਉਣਾ' ਸਿਰਲੇਖ ਵਾਲੇ ਇੱਕ ਗਿਆਨ ਭਰਪੂਰ ਮਾਹਿਰ ਸੈਸ਼ਨ ਦੀ ਮੇਜ਼ਬਾਨੀ ਕੀਤੀ। ਪ੍ਰਤਿਸ਼ਠਾਵਾਨ ਸਪੀਕਰ, ਡਾ. ਸਾਰਾ ਸੰਧੂ, ਐਮ.ਬੀ.ਬੀ.ਐਸ., ਐਮ.ਡੀ. ਜੋ ਐਸਥੈਟਿਕ ਸਰਜਰੀ ਦੇ ਖੇਤਰ ਵਿੱਚ ਇੱਕ ਪ੍ਰਮੁੱਖ ਹਸਤੀ ਹੈ, ਨੇ ਸੁਹਜ ਦੀ ਦੁਨੀਆਂ ਬਾਰੇ ਅਨਮੋਲ ਸੂਝ ਸਾਂਝੀ ਕੀਤੀ। ਡਾ. ਸਾਰਾ, ਇੱਕ ਸ਼ਾਨਦਾਰ ਪਿਛੋਕੜ ਦੇ ਨਾਲ, ਸੁਹਜ ਦਵਾਈ ਵਿੱਚ ਇੱਕ ਅਮੀਰ ਤਜਰਬਾ ਰੱਖਦੀ ਹੈ। ਉਹ ਡਰਮਾਟੋਲੋਜੀ ਅਤੇ ਕਾਸਮੈਟੋਲੋਜੀ ਵਿੱਚ ਮੁਹਾਰਤ ਰੱਖਦੀ ਹੈ, ਫਰਮਾਸਿਊਟੀਕਲ ਡੋਮੇਨ ਵਿੱਚ ਵੀ ਉਸ ਦੀ ਮਹੱਤਵਪੂਰਨ ਭੂਮਿਕਾ ਹੈ। ਡਾ. ਸੰਧੂ ਸੁਹਜ ਸਰਜਰੀ, ਮੈਡੀਕਲ ਚਮੜੀ ਵਿਗਿਆਨ, ਬਾਡੀ ਕੰਟੋਰਿੰਗ, ਅਤੇ ਪਲਾਸਟਿਕ ਸਰਜਰੀ ਲਈ 20 ਤੋਂ ਵੱਧ ਐੱਫ ਡੀ ਏ-ਪ੍ਰਵਾਨਿਤ ਉਪਚਾਰ ਲਾਗੂ ਕਰਨ ਦੇ ਨਾਲ ਵੱਖਰੀ
ਸਰਗਰਮੀ ਨਾਲ ਸ਼ਾਮਲ ਹੋਏ ਹਨ। UIFT&VD ਦੁਆਰਾ ਸਾਵਧਾਨੀ ਨਾਲ ਆਯੋਜਿਤ ਕੀਤੀ ਗਈ ਇਸ ਵਿਚਾਰ-ਪ੍ਰੇਰਕ ਗੱਲਬਾਤ ਦਾ ਉਦੇਸ਼ ਵਿਜ਼ੂਅਲ ਡਿਜ਼ਾਈਨ ਅਤੇ ਫੈਸ਼ਨ ਉਦਯੋਗ ਦੇ ਖੇਤਰਾਂ ਵਿੱਚ ਚਿਹਰੇ ਦੇ ਸੁਹਜ-ਸ਼ਾਸਤਰ ਅਤੇ ਸੈਸ਼ਨ ਨੇ ਵਿਦਿਆਰਥੀਆਂ ਨੂੰ ਡੂੰਘੀ ਮਹੱਤਤਾ ਨੂੰ ਰੂਪਰੇਖਾ ਕਰਨਾ ਹੈ। ਡਾ. ਸੰਧਾ ਨੇ ਇਸ ਗਤੀਸ਼ੀਲ ਉਦਯੋਗ ਦੇ ਵਿਕਸਤ ਹੋ ਰਹੇ ਲੈਂਡਸਕੇਪ ਬਾਰੇ ਅਨਮੋਲ ਸਮਝ ਪ੍ਰਦਾਨ ਕਰਦੇ ਹੋਏ, ਚਿਹਰੇ ਦੇ ਸੁਹਜ ਦੇ ਅਤੇ ਫੈਸ਼ਨ ਰੁਝਾਨਾਂ ਵਿਚਕਾਰ ਆਪਸੀ ਤਾਲਮੇਲ ਨੂੰ ਨਿਪੁੰਨਤਾ ਨਾਲ ਸਮਝਾਇਆ। ਇਸ ਤੋਂ ਇਲਾਵਾ, ਉਸਨੇ AbbVie ਵਿਚ ਸਾਜ਼ਮਾਂ ਇਕੁਇਟੀ, ਵਿਕਿੰਤਤਾ ਅਤੇ ਸਮੁਦਾਇਕ ਨਾਤਰਤਾਵਾਦੀਆਂ ਨੂੰ ਉਤਸ਼ਾਹਿਤ ਕਰਨ ਲਈ ਆਪਣੇ ਅਨਮੋਲ ਤਜਰਬਿਆਂ ਅਤੇ ਚੁਣੌਤੀਆਂ ਨੂੰ ਸਾਂਝਾ ਕੀਤਾ, ਦਰਸ਼ਕਾਂ ਨਾਲ ਡੂੰਘਾਈ ਨਾਲ ਗੂੰਜਿਆ। ਡਾ. ਪ੍ਰਦੀਪ ਬਰਾੜ, UIFT ਅਤੇ VD
ਦੇ ਚੇਅਰਪਰਸਨ, ਨੇ ਫੈਸ਼ਨ ਸਿੱਖਿਆ ਦੇ ਇਨ੍ਹਾਂ ਪ੍ਰਮੁੱਖ ਪਹਿਲੂਆਂ ਨੂੰ ਧਿਆਨ ਵਿੱਚ ਰੱਖਣ ਦੀ ਲੋੜ 'ਤੇ ਜ਼ੋਰ ਦਿੱਤਾ, ਚਾਹਵਾਨ ਫੈਸ਼ਨ ਪੇਸ਼ੇਵਰਾਂ ਦੀ ਚਿਹਰੇ ਦੇ ਸੁਹਜ ਨੂੰ ਸਮਝਣ ਦੀ ਲਾਜ਼ਮੀ ਭੂਮਿਕਾ 'ਤੇ ਜ਼ੋਰ ਦਿੱਤਾ। ਡਾ. ਸ਼ਰਮਾ ਨੇ ਵਾਲਾਂ ਦੀ ਸੁਰੱਖਿਆ ਦੇ ਨਾਲ-ਨਾਲ ਸਿਹਤਮੰਦ ਚਮੜੀ ਨੂੰ ਬਣਾਈ ਰੱਖਣ ਬਾਰੇ ਸੂਝ-ਬੂਝ ਨਾਲ ਵਿਚਾਰ ਸਾਂਝੇ ਕੀਤੇ, ਜਿਸ ਦੀ ਮਹੱਤਵਪੂਰਣ ਤੌਰ ਤੇ ਸ੍ਰਿੰਗਾਰ ਪ੍ਰਥਾ ਵਿੱਚ ਇੱਕ ਪ੍ਰਤੀਨਿਧੀ ਭੂਮਿਕਾ ਹੈ। ਅੰਡਰਗ੍ਰੈਜੂਏਟ ਅਤੇ ਗ੍ਰੈਜੂਏਟ ਵਿਦਿਆਰਥੀਆਂ ਦੇ ਨਾਲ-ਨਾਲ ਮਾਨਯੋਗ ਫੈਕਲਟੀ ਮੈਂਬਰਾਂ ਦੁਆਰਾ ਭਾਗ ਲਿਆ ਗਿਆ, ਜਾਣਕਾਰੀ ਭਰਪੂਰ ਅਤੇ ਦਿਲਚਸਪ ਦੋਵੇਂ ਸਾਬਤ ਹੋਇਆ। ਇਸ ਨੇ ਸਾਰਥਕ ਸੰਵਾਦ ਦੀ ਸ਼ੁਰੂਆਤ ਕੀਤੀ ਅਤੇ ਸਾਰੇ ਭਾਗੀਦਾਰਾਂ 'ਤੇ ਇੱਕ ਸਥਾਈ ਪ੍ਰਭਾਵ ਛੱਡਿਆ, ਉਨ੍ਹਾਂ ਦੇ ਗਿਆਨ ਨੂੰ ਭਰਪੂਰ ਕੀਤਾ ਅਤੇ ਭਵਿੱਖ ਦੀ ਖੋਜ ਲਈ ਉਤਸੁਕਤਾ ਨੂੰ ਜਗਾਇਆ।
ਵਿਭਾਗ ਕਮ ਸੈਂਟਰ ਫਾਰ ਵਿਮੈਨਜ਼ ਸਟੱਡੀਜ਼ ਐਂਡ ਡਿਵੈਲਪਮੈਂਟ, ਪੰਜਾਬ ਯੂਨੀਵਰਸਿਟੀ, ਚੰਡੀਗੜ੍ਹ ਨੇ 16 ਫਰਵਰੀ, 2024 ਨੂੰ "ਮੈਂਡੇਲੀ ਦੀ ਵਰਤੋਂ ਕਰਕੇ ਸਾਹਿਤ ਦੀ ਸਮੀਖਿਆ ਲਿਖਣਾ: ਸਬੂਤ ਆਤਮ ਵਿਸ਼ਵਾਸ ਲਿਆਉਂਦਾ ਹੈ" ਵਿਸ਼ੇ 'ਤੇ ਇੱਕ ਵਰਕਸ਼ਾਪ ਦਾ ਆਯੋਜਨ ਕੀਤਾ
ਚੰਡੀਗੜ੍ਹ, 16 ਫਰਵਰੀ (ਪੈਗਾਮ-ਏ-ਜਗਤ) ਵਿਭਾਗ ਕਮ ਸੈਂਟਰ ਫਾਰ ਵਿਮੈਨਜ਼ ਸਟੱਡੀਜ਼ ਐਂਡ ਡਿਵੈਲਪਮੈਂਟ, ਪੰਜਾਬ ਯੂਨੀਵਰਸਿਟੀ, ਚੰਡੀਗੜ੍ਹ ਨੇ ਅੱਜ ਯਾਨੀ 16 ਫਰਵਰੀ, 2024 ਨੂੰ "ਮੈਂਡੇਲੀ ਦੀ ਵਰਤੋਂ ਕਰਕੇ ਸਾਹਿਤ ਦੀ ਸਮੀਖਿਆ ਲਿਖਣਾ:
ਸਬੂਤ ਆਤਮ ਵਿਸ਼ਵਾਸ ਲਿਆਉਂਦਾ ਹੈ" ਵਿਸ਼ੇ 'ਤੇ ਇੱਕ ਵਰਕਸ਼ਾਪ ਦਾ ਆਯੋਜਨ ਕੀਤਾ। ਵਰਕਸ਼ਾਪ ਦਾ ਸੰਚਾਲਨ ਪ੍ਰੋ: ਰੂਪਕ ਚੱਕਰਵਰਤੀ, ਜੋ ਮੈਂਡੇਲੇ ਦੇ ਸਲਾਹਕਾਰ ਹਨ, ਦੁਆਰਾ ਕੀਤਾ ਗਿਆ। ਉਸਨੇ ਮੈਂਡੇਲੇ ਸੰਦਰਭਾਂ ਦੀ ਵਰਤੋਂ ਕਰਦੇ ਹੋਏ ਸਾਹਿਤ ਦੇ ਹਵਾਲੇ, ਹਵਾਲਾ ਅਤੇ ਬੈਂਸਟਿਕ
ਵਿਸ਼ਲੇਸ਼ਣ ਸਮੀਖਿਆ ਲਈ ਲਿਖਣ ਬਾਰੇ ਇੱਕ ਵਰਤੀ। ਉਸਨੇ ਇਸ ਬਾਰੇ ਵੀ ਵਿਸਥਾਰ ਵਿੱਚ ਇੱਕ ਪ੍ਰਦਰਸ਼ਨ ਦਿੱਤਾ ਕਿ ਮੈਂਡੇਲੇ ਦੇ ਭਿੰਨ ਵੈਬਸਾਈਟ ਸੰਦਰਭ ਪ੍ਰਬੰਧਨ ਐਪਲੀਕੇਸ਼ਨ ਟੂਲ ਵਿੱਚ ਕਿਵੇਂ ਕੰਮ ਕਰਦਾ ਹੈ। ਵਰਕਸ਼ਾਪ ਵਿੱਚ 65 ਤੋਂ ਵੱਧ ਪ੍ਰਤੀਭਾਗੀਆਂ ਨੇ ਭਾਗ ਲਿਆ। ਸਰਕਾਰੀ ਕਾਲਜਾਂ ਅਤੇ ਯੂਨੀਵਰਸਿਟੀਆਂ ਦੇ ਫੈਕਲਟੀ, ਰਿਸਰਚ ਸਕਾਲਰ ਅਤੇ ਵਿਦਿਆਰਥੀਆਂ ਨੇ ਭਾਗ ਲਿਆ।
ਸੰਪਾਦਕ-ਦਵਿੰਦਰ ਕੁਮਾਰ ਨੇ ਪ੍ਰਿੰਟਰ, ਇਮਪ੍ਰੈਸ਼ਨ ਪ੍ਰਿੰਟਿੰਗ ਅਤੇ ਪੈਕੇਜਿੰਗ ਲਿਮਿਟਿਡ, ਪਲਾਟ 22 ਅਤੇ 49 ਜੀਐਫ਼, ਇੰਡਸਟਰੀਅਲ ਏਰੀਆ, ਫੇਜ਼-2 ਪੰਚਕੂਲਾ (ਹਰਿਆਣਾ) ਤੋਂ ਪ੍ਰਕਾਸ਼ਿਤ Title code : CHAMUL00914
Editor-Davinder Kumar printed at Impression Printing & Packaging Ltd.Plot 22 & 49GF, Industrial Area, Phase-2 Panchkula(Haryana)-134115
